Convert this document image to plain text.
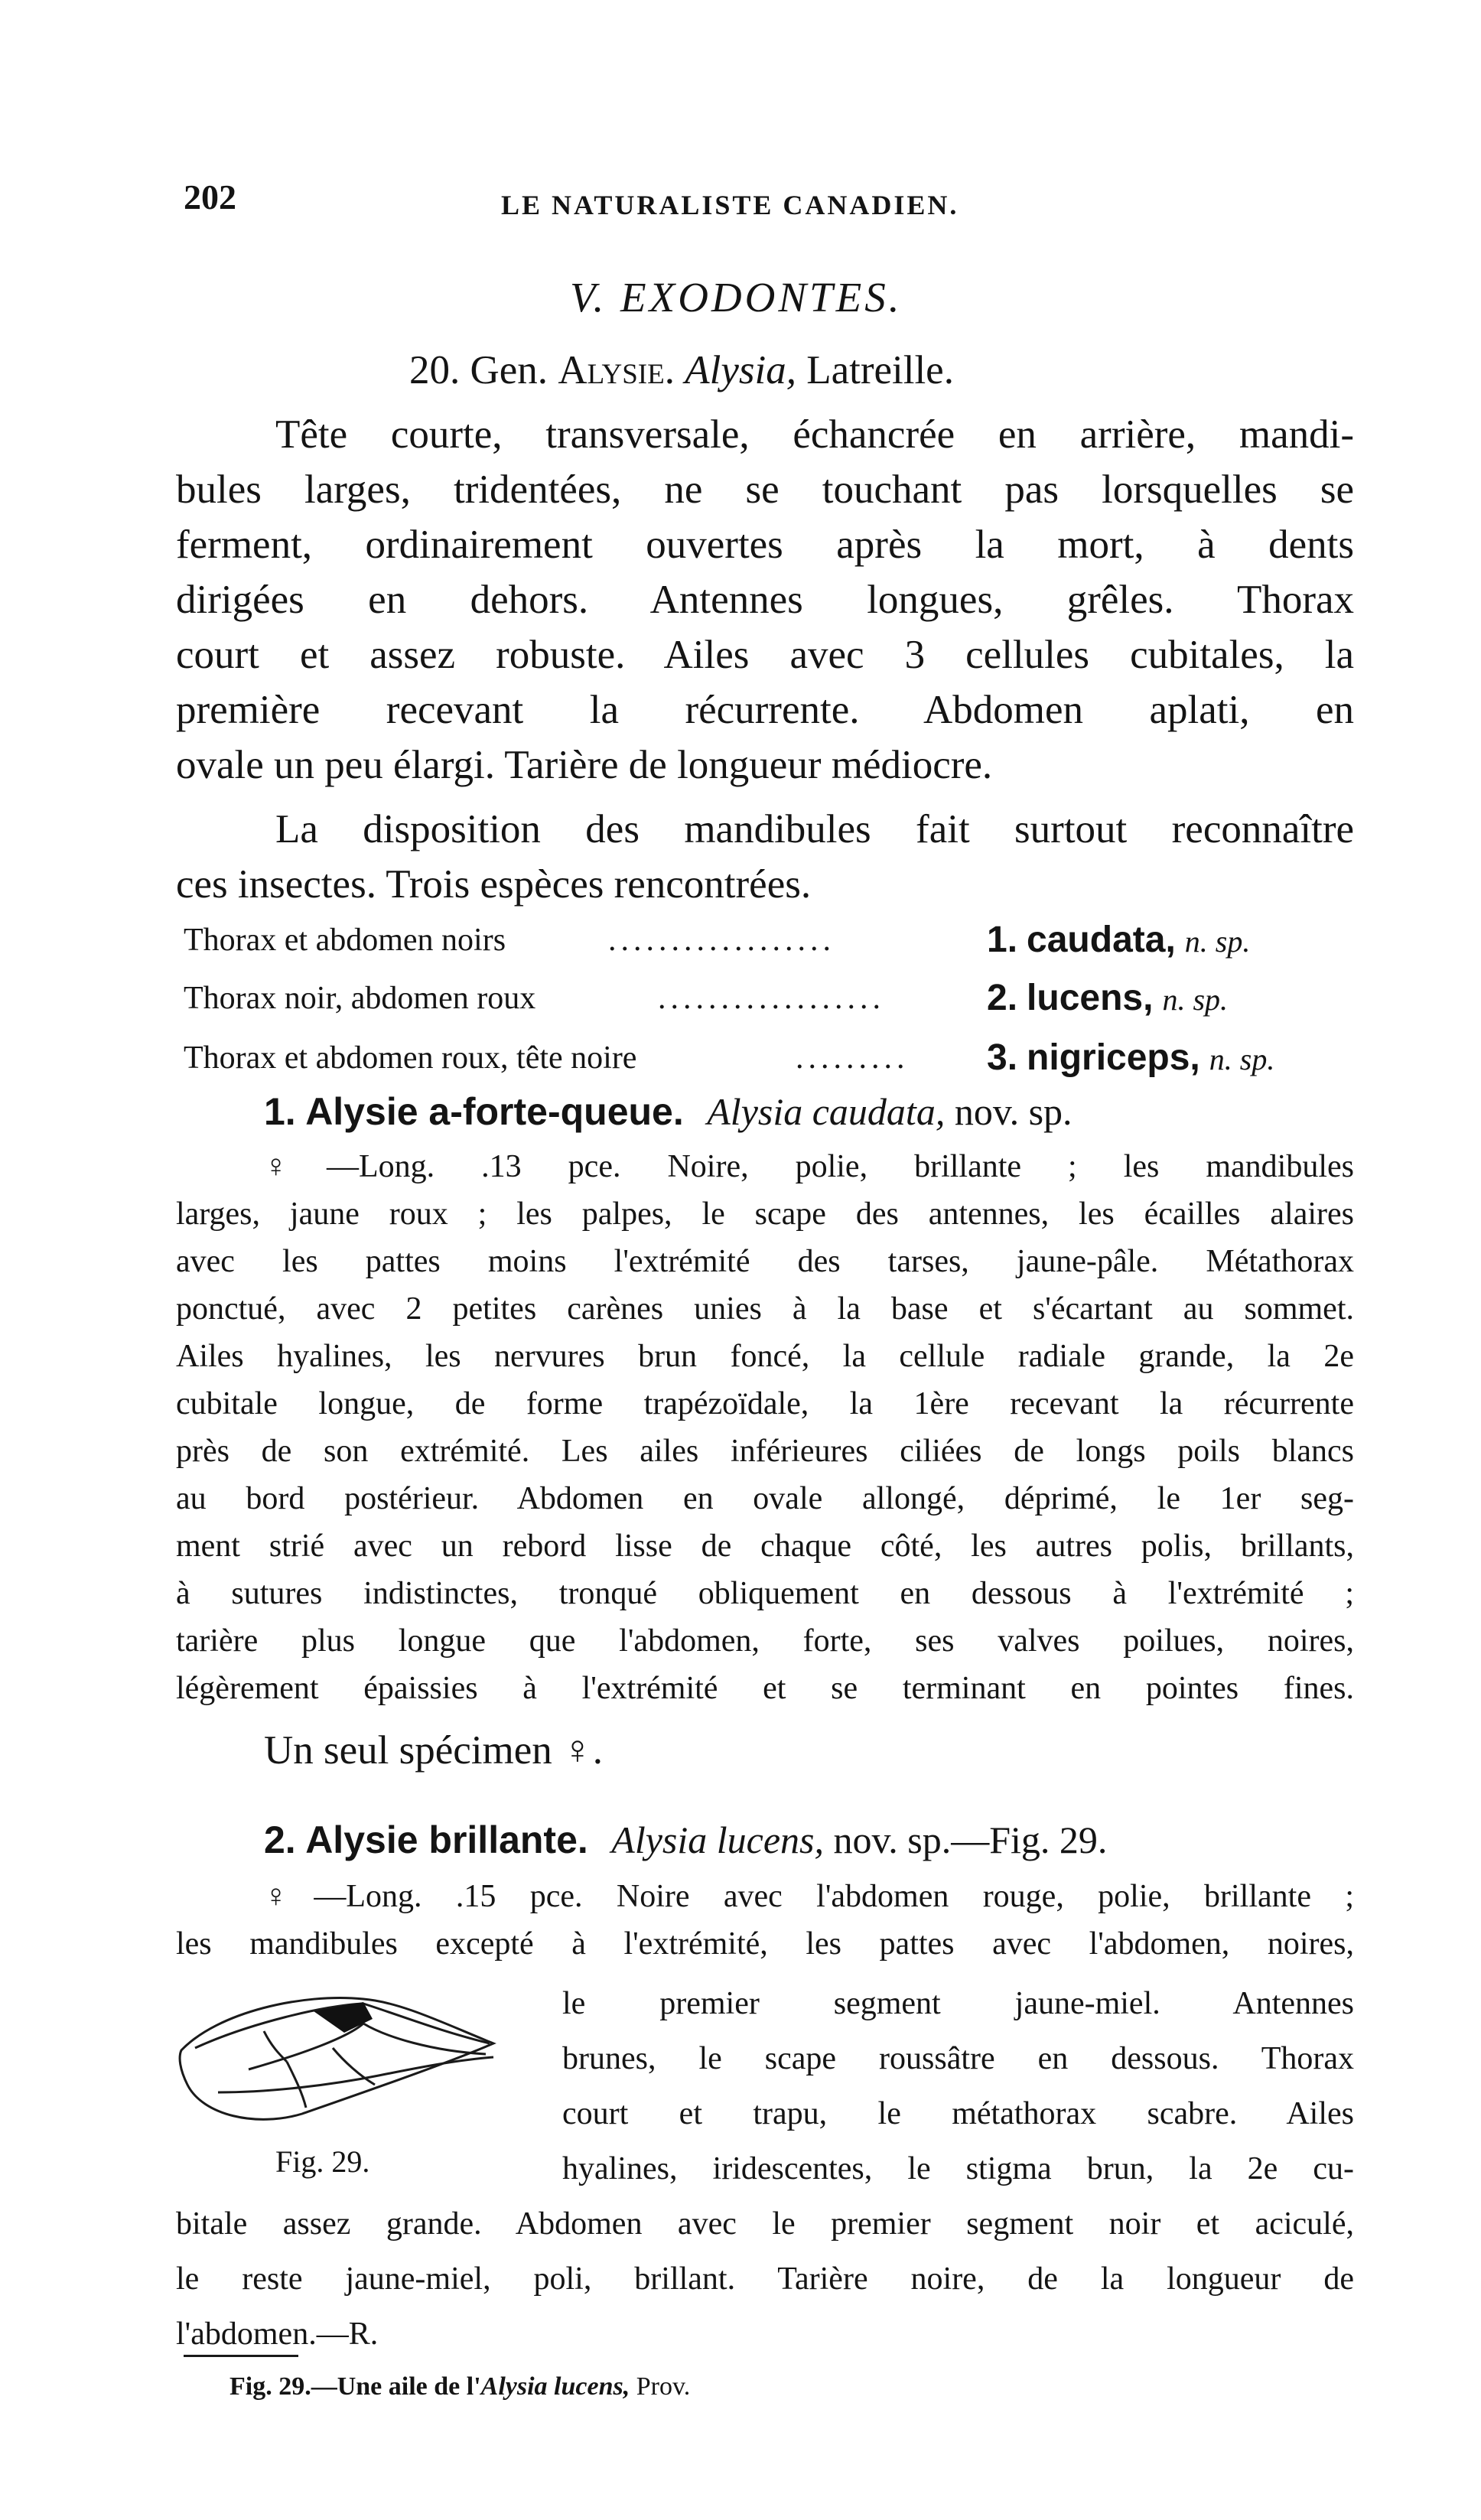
202	LE NATURALISTE CANADIEN.
V. EXODONTES.
20. Gen. Alysie. Alysia, Latreille.
Tête courte, transversale, échancrée en arrière, mandi-
bules larges, tridentées, ne se touchant pas lorsquelles se
ferment, ordinairement ouvertes après la mort, à dents
dirigées en dehors. Antennes longues, grêles. Thorax
court et assez robuste. Ailes avec 3 cellules cubitales, la
première recevant la récurrente. Abdomen aplati, en
ovale un peu élargi. Tarière de longueur médiocre.
La disposition des mandibules fait surtout reconnaître
ces insectes. Trois espèces rencontrées.
Thorax et abdomen noirs	..................	1. caudata, n. sp.
Thorax noir, abdomen roux	..................	2. lucens, n. sp.
Thorax et abdomen roux, tête noire	......... 3. nigriceps, n. sp.
1. Alysie a-forte-queue. Alysia caudata, nov. sp.
♀—Long. .13 pce. Noire, polie, brillante ; les mandibules
larges, jaune roux ; les palpes, le scape des antennes, les écailles alaires
avec les pattes moins l'extrémité des tarses, jaune-pâle. Métathorax
ponctué, avec 2 petites carènes unies à la base et s'écartant au sommet.
Ailes hyalines, les nervures brun foncé, la cellule radiale grande, la 2e
cubitale longue, de forme trapézoïdale, la 1ère recevant la récurrente
près de son extrémité. Les ailes inférieures ciliées de longs poils blancs
au bord postérieur. Abdomen en ovale allongé, déprimé, le 1er seg-
ment strié avec un rebord lisse de chaque côté, les autres polis, brillants,
à sutures indistinctes, tronqué obliquement en dessous à l'extrémité ;
tarière plus longue que l'abdomen, forte, ses valves poilues, noires,
légèrement épaissies à l'extrémité et se terminant en pointes fines.
Un seul spécimen ♀.
2. Alysie brillante. Alysia lucens, nov. sp.—Fig. 29.
♀—Long. .15 pce. Noire avec l'abdomen rouge, polie, brillante ;
les mandibules excepté à l'extrémité, les pattes avec l'abdomen, noires,
le premier segment jaune-miel. Antennes
brunes, le scape roussâtre en dessous. Thorax
court et trapu, le métathorax scabre. Ailes
hyalines, iridescentes, le stigma brun, la 2e cu-
bitale assez grande. Abdomen avec le premier segment noir et aciculé,
le reste jaune-miel, poli, brillant. Tarière noire, de la longueur de
l'abdomen.—R.
Fig. 29.
Fig. 29.—Une aile de l'Alysia lucens, Prov.
